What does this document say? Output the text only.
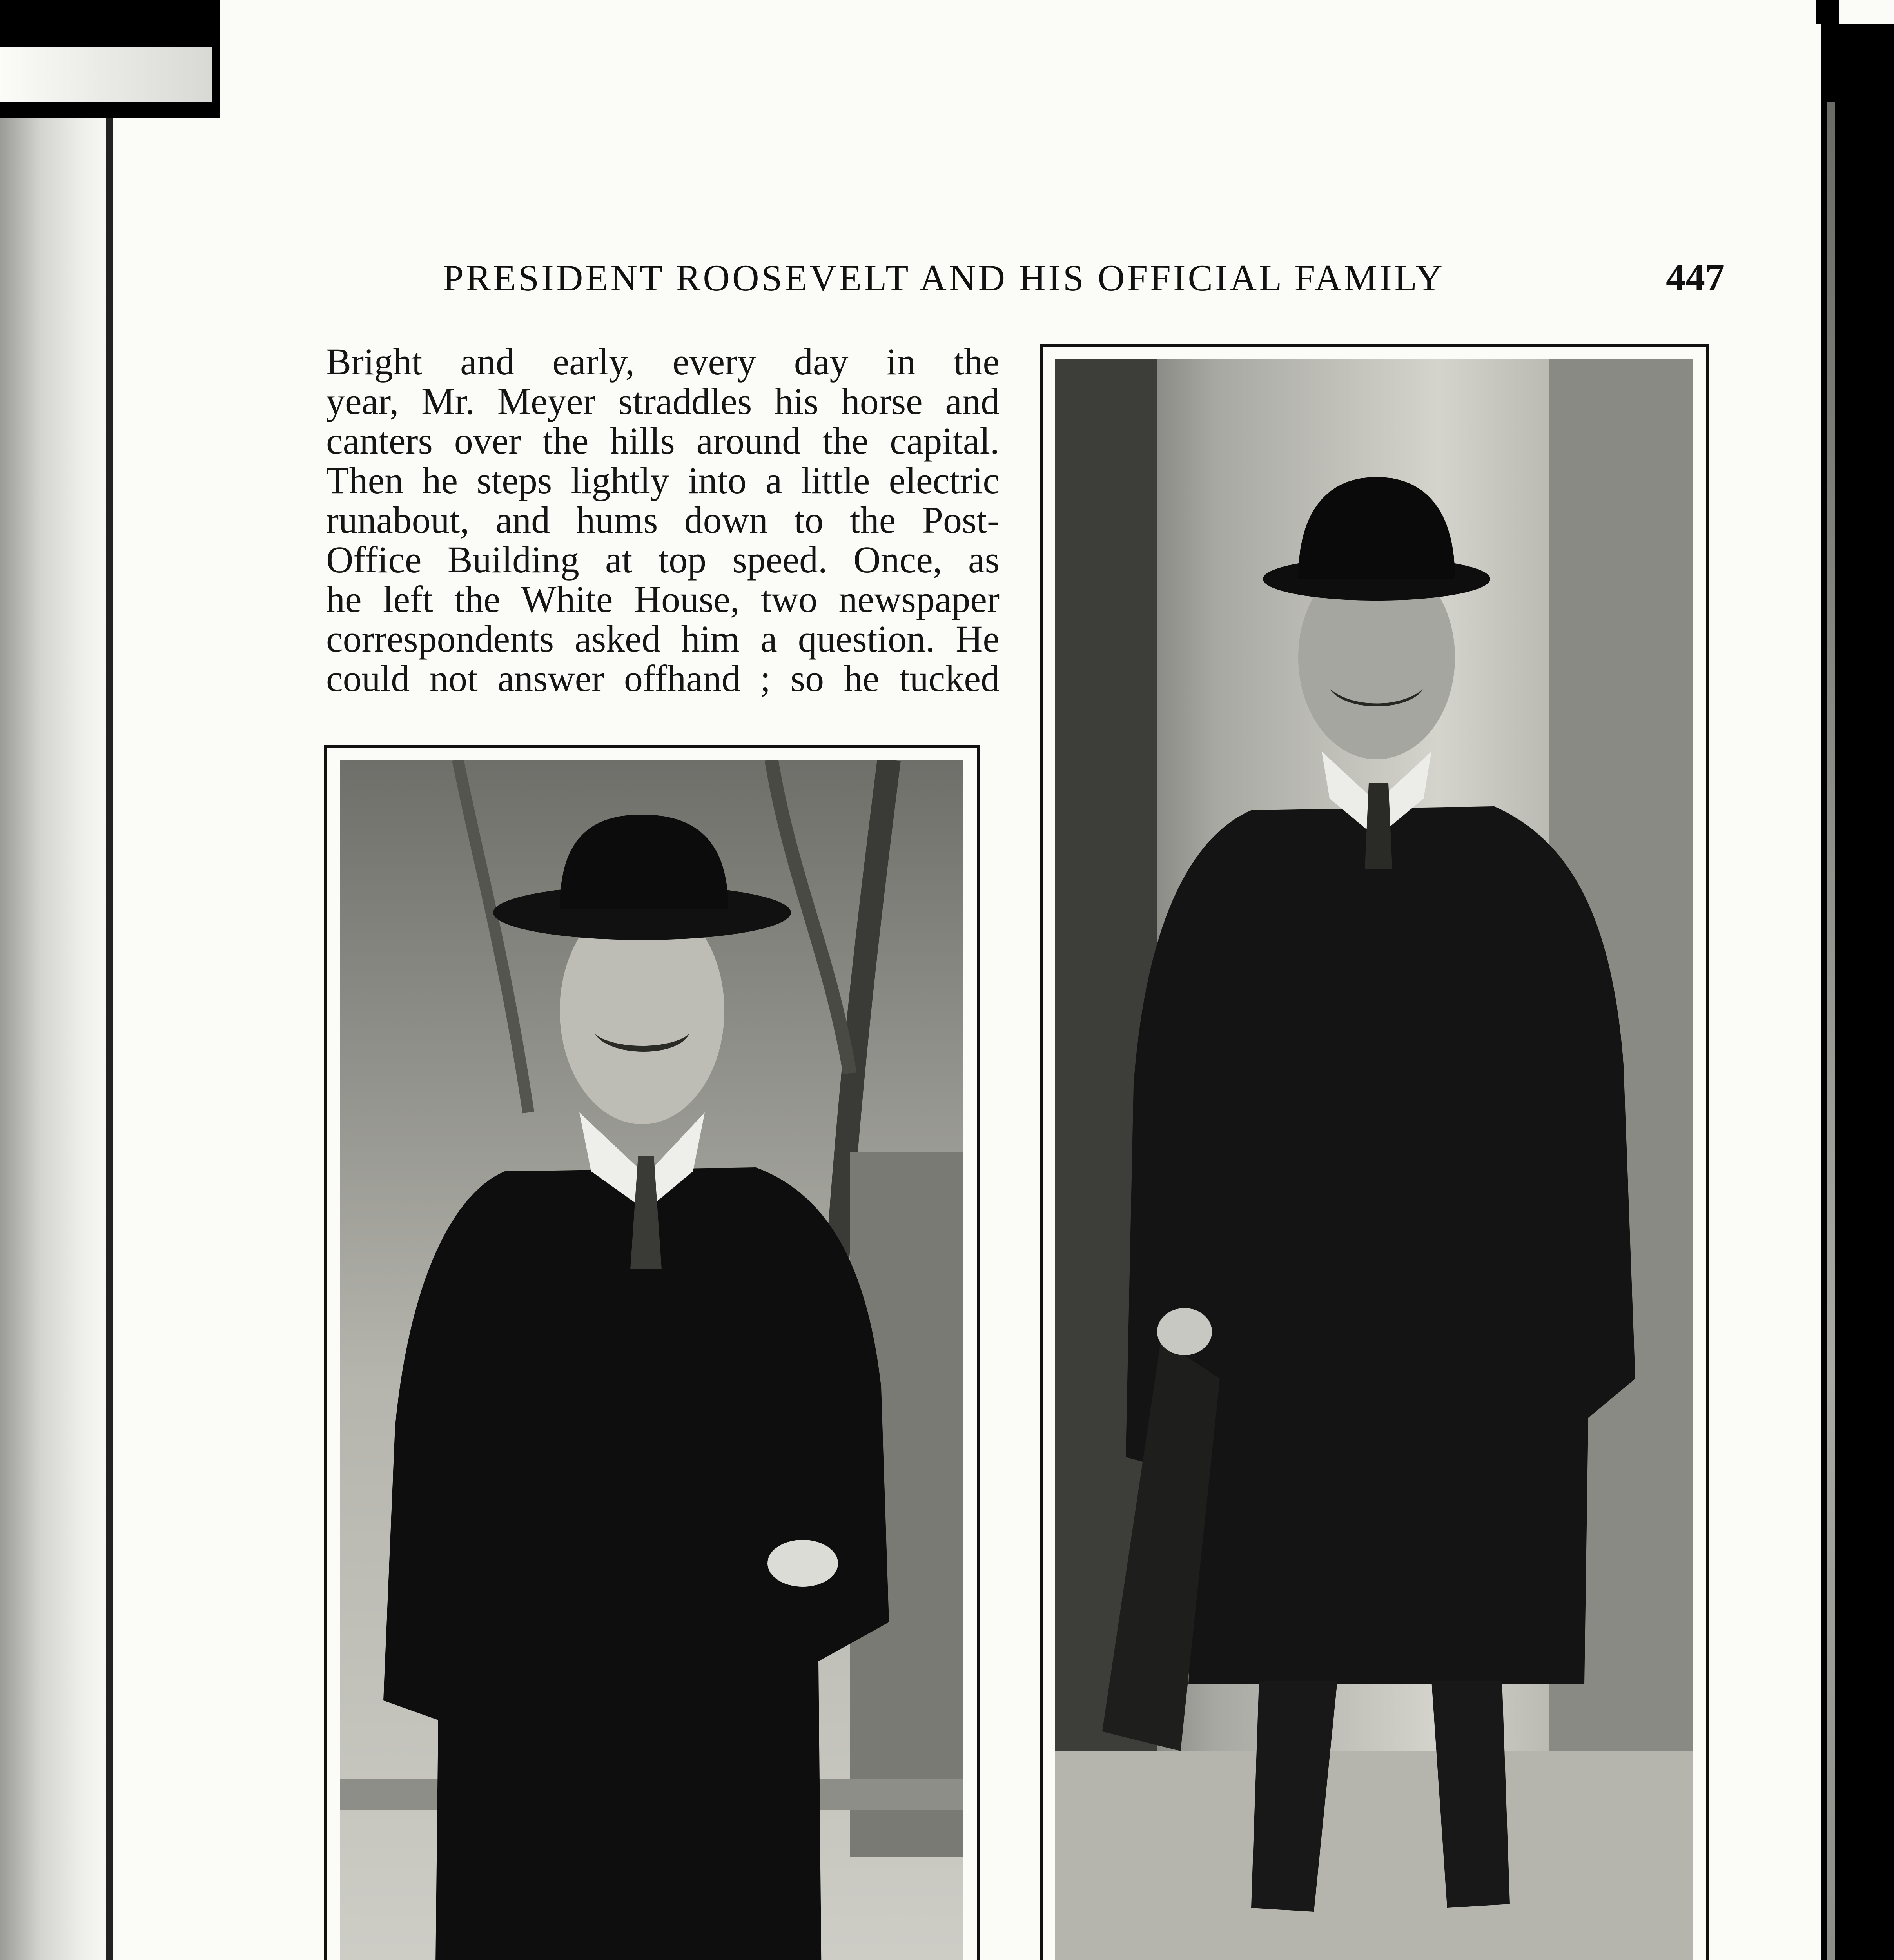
PRESIDENT ROOSEVELT AND HIS OFFICIAL FAMILY	447

Bright and early, every day in the

year, Mr. Meyer straddles his horse and

canters over the hills around the capital.

Then he steps lightly into a little electric

runabout, and hums down to the Post-

Office Building at top speed. Once, as

he left the White House, two newspaper

correspondents asked him a question. He

could not answer offhand ; so he tucked
